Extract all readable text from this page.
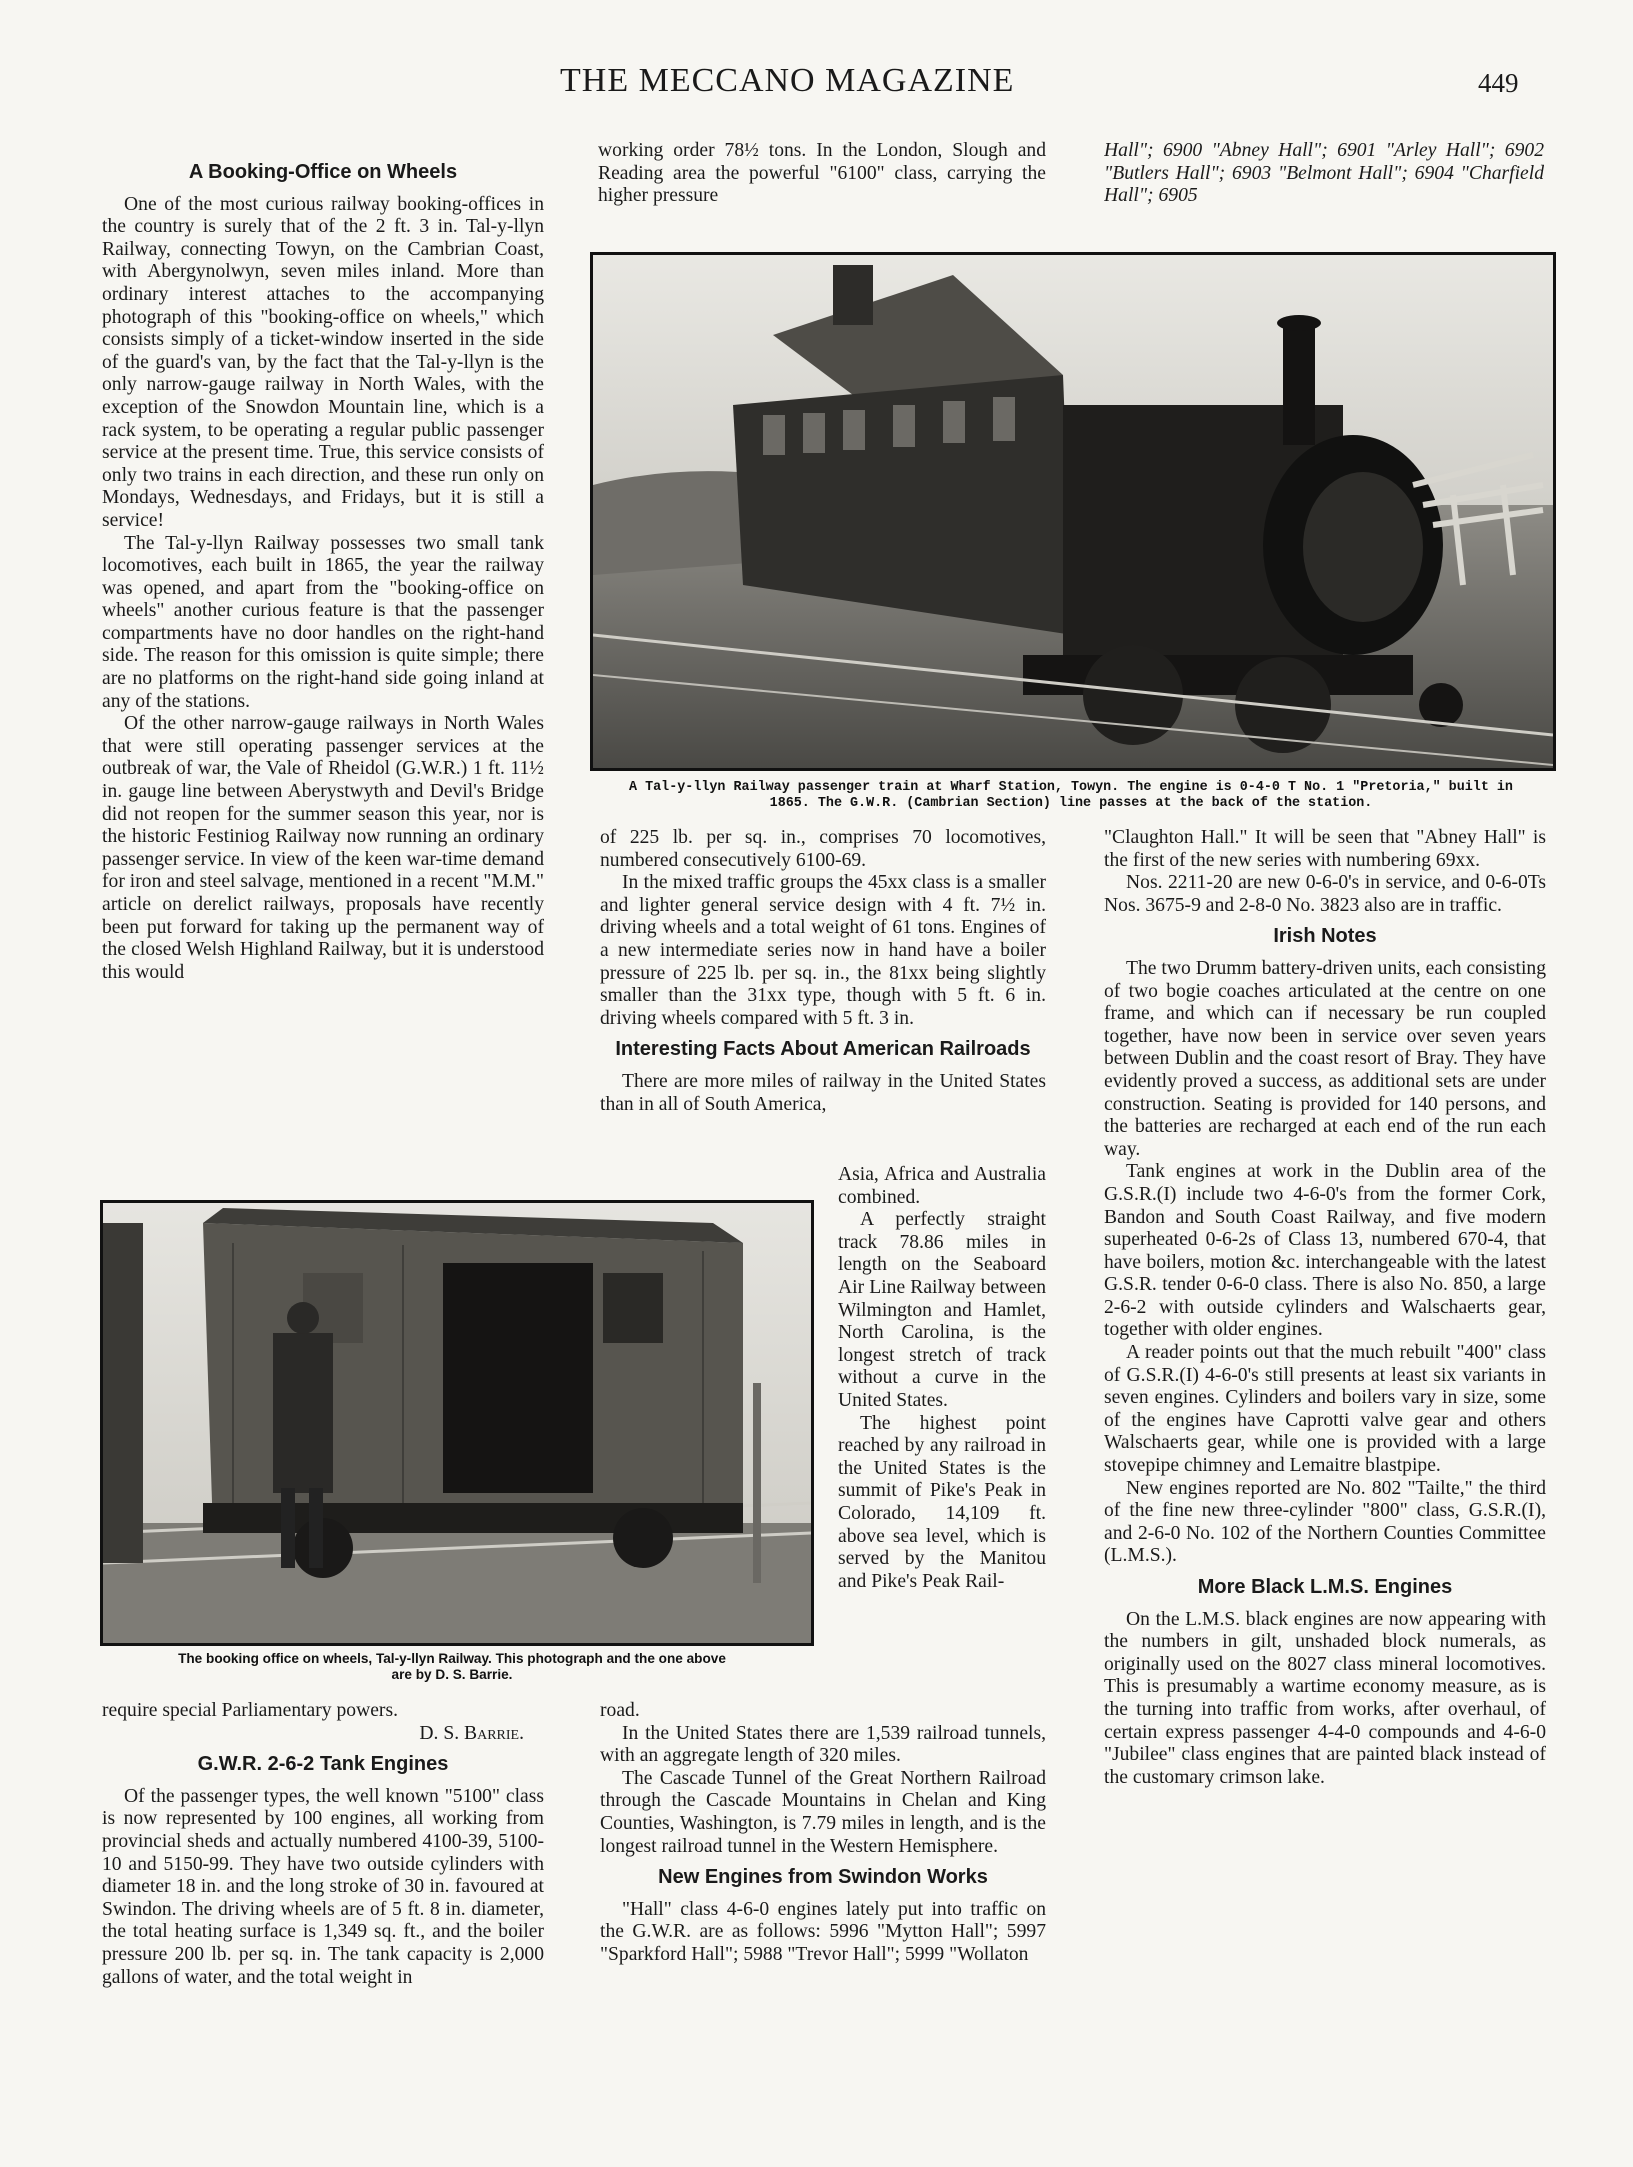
THE MECCANO MAGAZINE	449
A Booking-Office on Wheels

One of the most curious railway booking-offices in the country is surely that of the 2 ft. 3 in. Tal-y-llyn Railway, connecting Towyn, on the Cambrian Coast, with Abergynolwyn, seven miles inland. More than ordinary interest attaches to the accompanying photograph of this "booking-office on wheels," which consists simply of a ticket-window inserted in the side of the guard's van, by the fact that the Tal-y-llyn is the only narrow-gauge railway in North Wales, with the exception of the Snowdon Mountain line, which is a rack system, to be operating a regular public passenger service at the present time. True, this service consists of only two trains in each direction, and these run only on Mondays, Wednesdays, and Fridays, but it is still a service!

The Tal-y-llyn Railway possesses two small tank locomotives, each built in 1865, the year the railway was opened, and apart from the "booking-office on wheels" another curious feature is that the passenger compartments have no door handles on the right-hand side. The reason for this omission is quite simple; there are no platforms on the right-hand side going inland at any of the stations.

Of the other narrow-gauge railways in North Wales that were still operating passenger services at the outbreak of war, the Vale of Rheidol (G.W.R.) 1 ft. 11½ in. gauge line between Aberystwyth and Devil's Bridge did not reopen for the summer season this year, nor is the historic Festiniog Railway now running an ordinary passenger service. In view of the keen war-time demand for iron and steel salvage, mentioned in a recent "M.M." article on derelict railways, proposals have recently been put forward for taking up the permanent way of the closed Welsh Highland Railway, but it is understood this would

working order 78½ tons. In the London, Slough and Reading area the powerful "6100" class, carrying the higher pressure

Hall"; 6900 "Abney Hall"; 6901 "Arley Hall"; 6902 "Butlers Hall"; 6903 "Belmont Hall"; 6904 "Charfield Hall"; 6905

A Tal-y-llyn Railway passenger train at Wharf Station, Towyn. The engine is 0-4-0 T No. 1 "Pretoria," built in
1865. The G.W.R. (Cambrian Section) line passes at the back of the station.

of 225 lb. per sq. in., comprises 70 locomotives, numbered consecutively 6100-69.

In the mixed traffic groups the 45xx class is a smaller and lighter general service design with 4 ft. 7½ in. driving wheels and a total weight of 61 tons. Engines of a new intermediate series now in hand have a boiler pressure of 225 lb. per sq. in., the 81xx being slightly smaller than the 31xx type, though with 5 ft. 6 in. driving wheels compared with 5 ft. 3 in.

Interesting Facts About American Railroads

There are more miles of railway in the United States than in all of South America,

Asia, Africa and Australia combined.

A perfectly straight track 78.86 miles in length on the Seaboard Air Line Railway between Wilmington and Hamlet, North Carolina, is the longest stretch of track without a curve in the United States.

The highest point reached by any railroad in the United States is the summit of Pike's Peak in Colorado, 14,109 ft. above sea level, which is served by the Manitou and Pike's Peak Rail-

The booking office on wheels, Tal-y-llyn Railway. This photograph and the one above
are by D. S. Barrie.

require special Parliamentary powers.

D. S. Barrie.

G.W.R. 2-6-2 Tank Engines

Of the passenger types, the well known "5100" class is now represented by 100 engines, all working from provincial sheds and actually numbered 4100-39, 5100-10 and 5150-99. They have two outside cylinders with diameter 18 in. and the long stroke of 30 in. favoured at Swindon. The driving wheels are of 5 ft. 8 in. diameter, the total heating surface is 1,349 sq. ft., and the boiler pressure 200 lb. per sq. in. The tank capacity is 2,000 gallons of water, and the total weight in

road.

In the United States there are 1,539 railroad tunnels, with an aggregate length of 320 miles.

The Cascade Tunnel of the Great Northern Railroad through the Cascade Mountains in Chelan and King Counties, Washington, is 7.79 miles in length, and is the longest railroad tunnel in the Western Hemisphere.

New Engines from Swindon Works

"Hall" class 4-6-0 engines lately put into traffic on the G.W.R. are as follows: 5996 "Mytton Hall"; 5997 "Sparkford Hall"; 5988 "Trevor Hall"; 5999 "Wollaton

"Claughton Hall." It will be seen that "Abney Hall" is the first of the new series with numbering 69xx.

Nos. 2211-20 are new 0-6-0's in service, and 0-6-0Ts Nos. 3675-9 and 2-8-0 No. 3823 also are in traffic.

Irish Notes

The two Drumm battery-driven units, each consisting of two bogie coaches articulated at the centre on one frame, and which can if necessary be run coupled together, have now been in service over seven years between Dublin and the coast resort of Bray. They have evidently proved a success, as additional sets are under construction. Seating is provided for 140 persons, and the batteries are recharged at each end of the run each way.

Tank engines at work in the Dublin area of the G.S.R.(I) include two 4-6-0's from the former Cork, Bandon and South Coast Railway, and five modern superheated 0-6-2s of Class 13, numbered 670-4, that have boilers, motion &c. interchangeable with the latest G.S.R. tender 0-6-0 class. There is also No. 850, a large 2-6-2 with outside cylinders and Walschaerts gear, together with older engines.

A reader points out that the much rebuilt "400" class of G.S.R.(I) 4-6-0's still presents at least six variants in seven engines. Cylinders and boilers vary in size, some of the engines have Caprotti valve gear and others Walschaerts gear, while one is provided with a large stovepipe chimney and Lemaitre blastpipe.

New engines reported are No. 802 "Tailte," the third of the fine new three-cylinder "800" class, G.S.R.(I), and 2-6-0 No. 102 of the Northern Counties Committee (L.M.S.).

More Black L.M.S. Engines

On the L.M.S. black engines are now appearing with the numbers in gilt, unshaded block numerals, as originally used on the 8027 class mineral locomotives. This is presumably a wartime economy measure, as is the turning into traffic from works, after overhaul, of certain express passenger 4-4-0 compounds and 4-6-0 "Jubilee" class engines that are painted black instead of the customary crimson lake.
